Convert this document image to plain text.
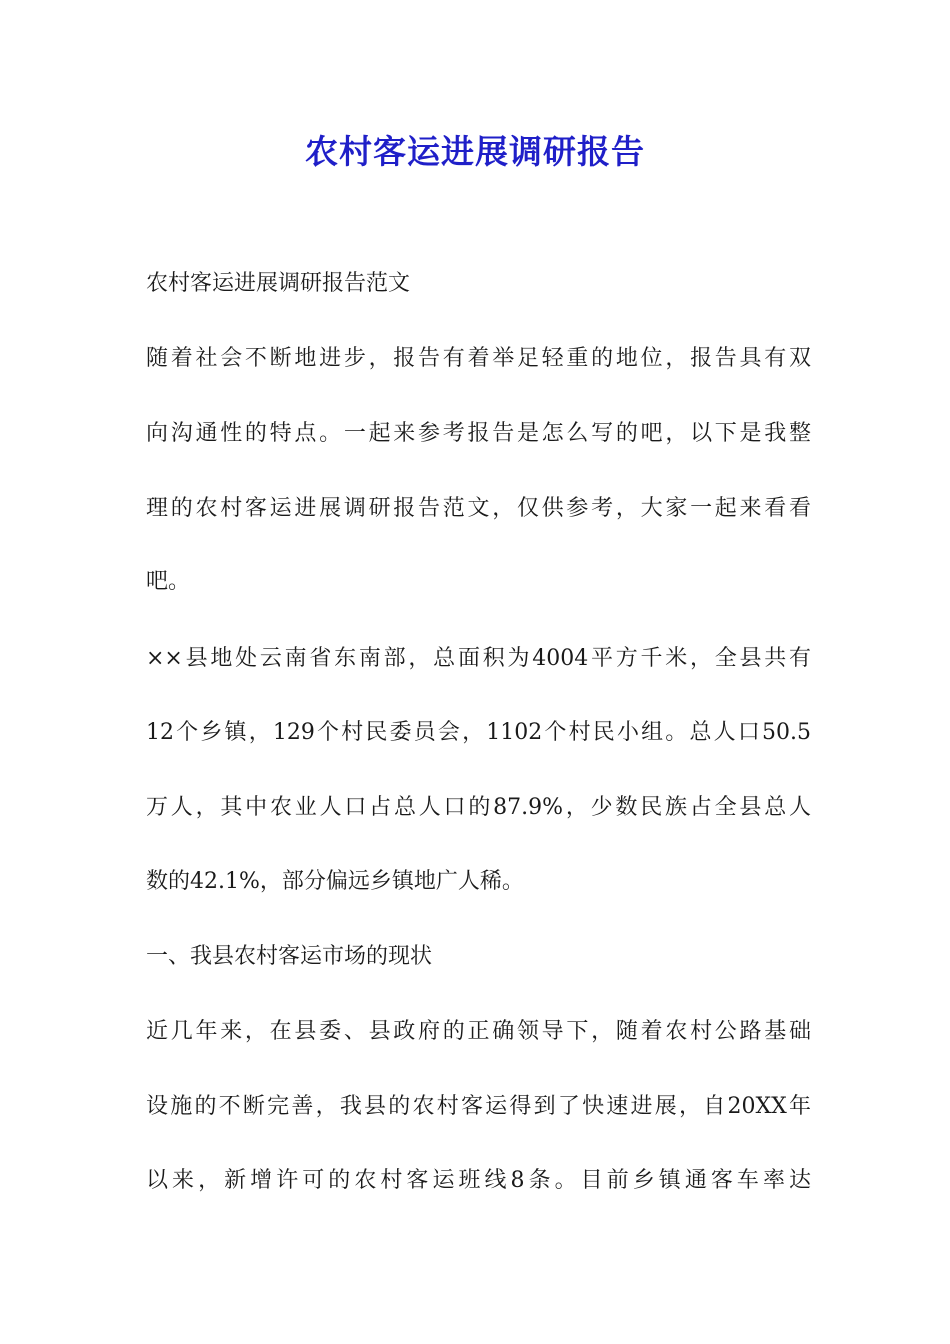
农村客运进展调研报告
农村客运进展调研报告范文
随着社会不断地进步，报告有着举足轻重的地位，报告具有双
向沟通性的特点。一起来参考报告是怎么写的吧，以下是我整
理的农村客运进展调研报告范文，仅供参考，大家一起来看看
吧。
××县地处云南省东南部，总面积为4004平方千米，全县共有
12个乡镇，129个村民委员会，1102个村民小组。总人口50.5
万人，其中农业人口占总人口的87.9%，少数民族占全县总人
数的42.1%，部分偏远乡镇地广人稀。
一、我县农村客运市场的现状
近几年来，在县委、县政府的正确领导下，随着农村公路基础
设施的不断完善，我县的农村客运得到了快速进展，自20XX年
以来，新增许可的农村客运班线8条。目前乡镇通客车率达
